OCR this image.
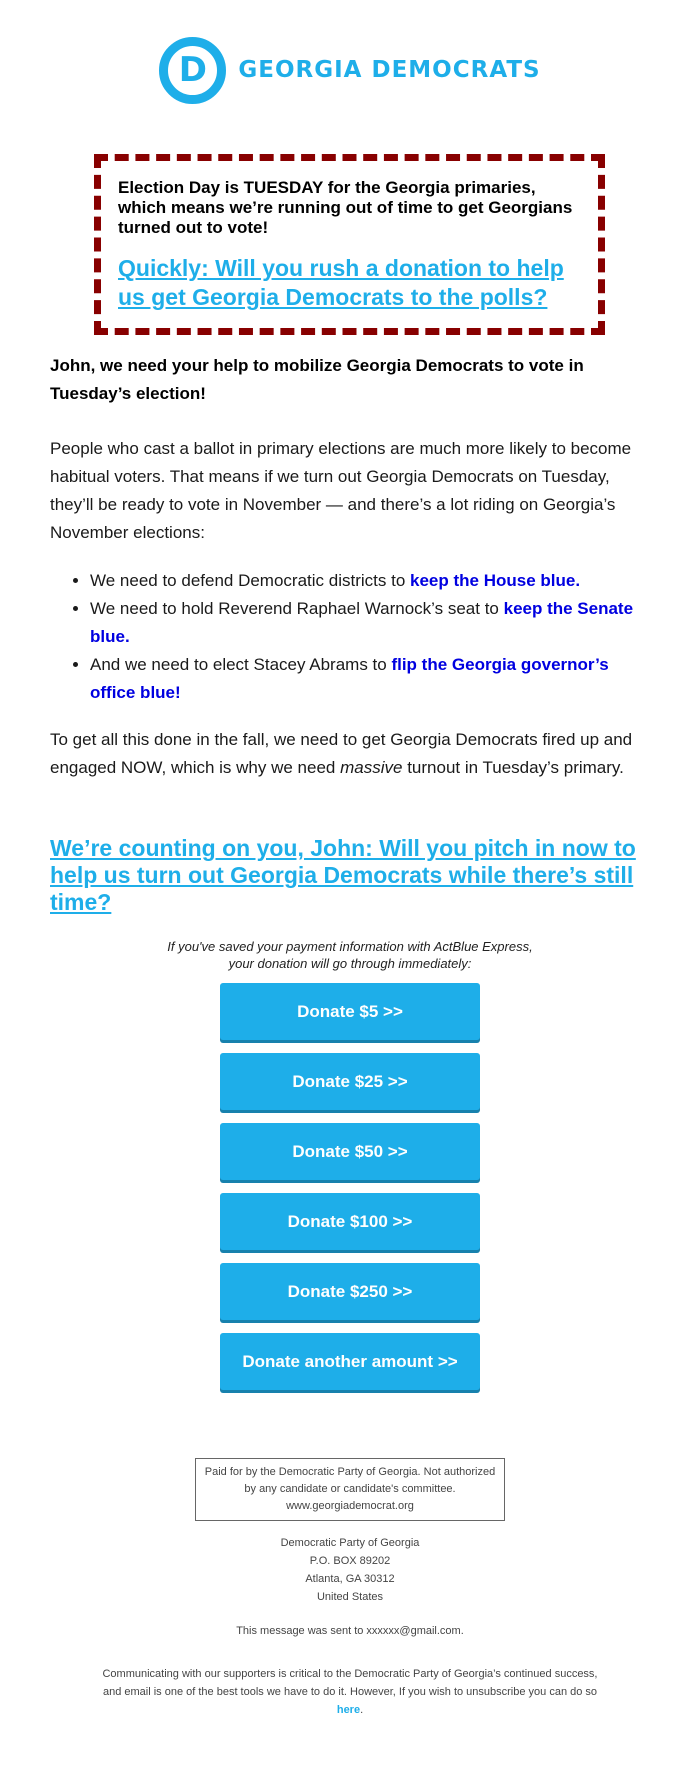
D GEORGIA DEMOCRATS
Election Day is TUESDAY for the Georgia primaries, which means we’re running out of time to get Georgians turned out to vote!
Quickly: Will you rush a donation to help us get Georgia Democrats to the polls?
John, we need your help to mobilize Georgia Democrats to vote in Tuesday’s election!
People who cast a ballot in primary elections are much more likely to become habitual voters. That means if we turn out Georgia Democrats on Tuesday, they’ll be ready to vote in November — and there’s a lot riding on Georgia’s November elections:
• We need to defend Democratic districts to keep the House blue.
• We need to hold Reverend Raphael Warnock’s seat to keep the Senate blue.
• And we need to elect Stacey Abrams to flip the Georgia governor’s office blue!
To get all this done in the fall, we need to get Georgia Democrats fired up and engaged NOW, which is why we need massive turnout in Tuesday’s primary.
We’re counting on you, John: Will you pitch in now to help us turn out Georgia Democrats while there’s still time?
If you've saved your payment information with ActBlue Express,
your donation will go through immediately:
Donate $5 >>
Donate $25 >>
Donate $50 >>
Donate $100 >>
Donate $250 >>
Donate another amount >>
Paid for by the Democratic Party of Georgia. Not authorized by any candidate or candidate's committee. www.georgiademocrat.org
Democratic Party of Georgia
P.O. BOX 89202
Atlanta, GA 30312
United States
This message was sent to xxxxxx@gmail.com.
Communicating with our supporters is critical to the Democratic Party of Georgia’s continued success, and email is one of the best tools we have to do it. However, If you wish to unsubscribe you can do so here.
